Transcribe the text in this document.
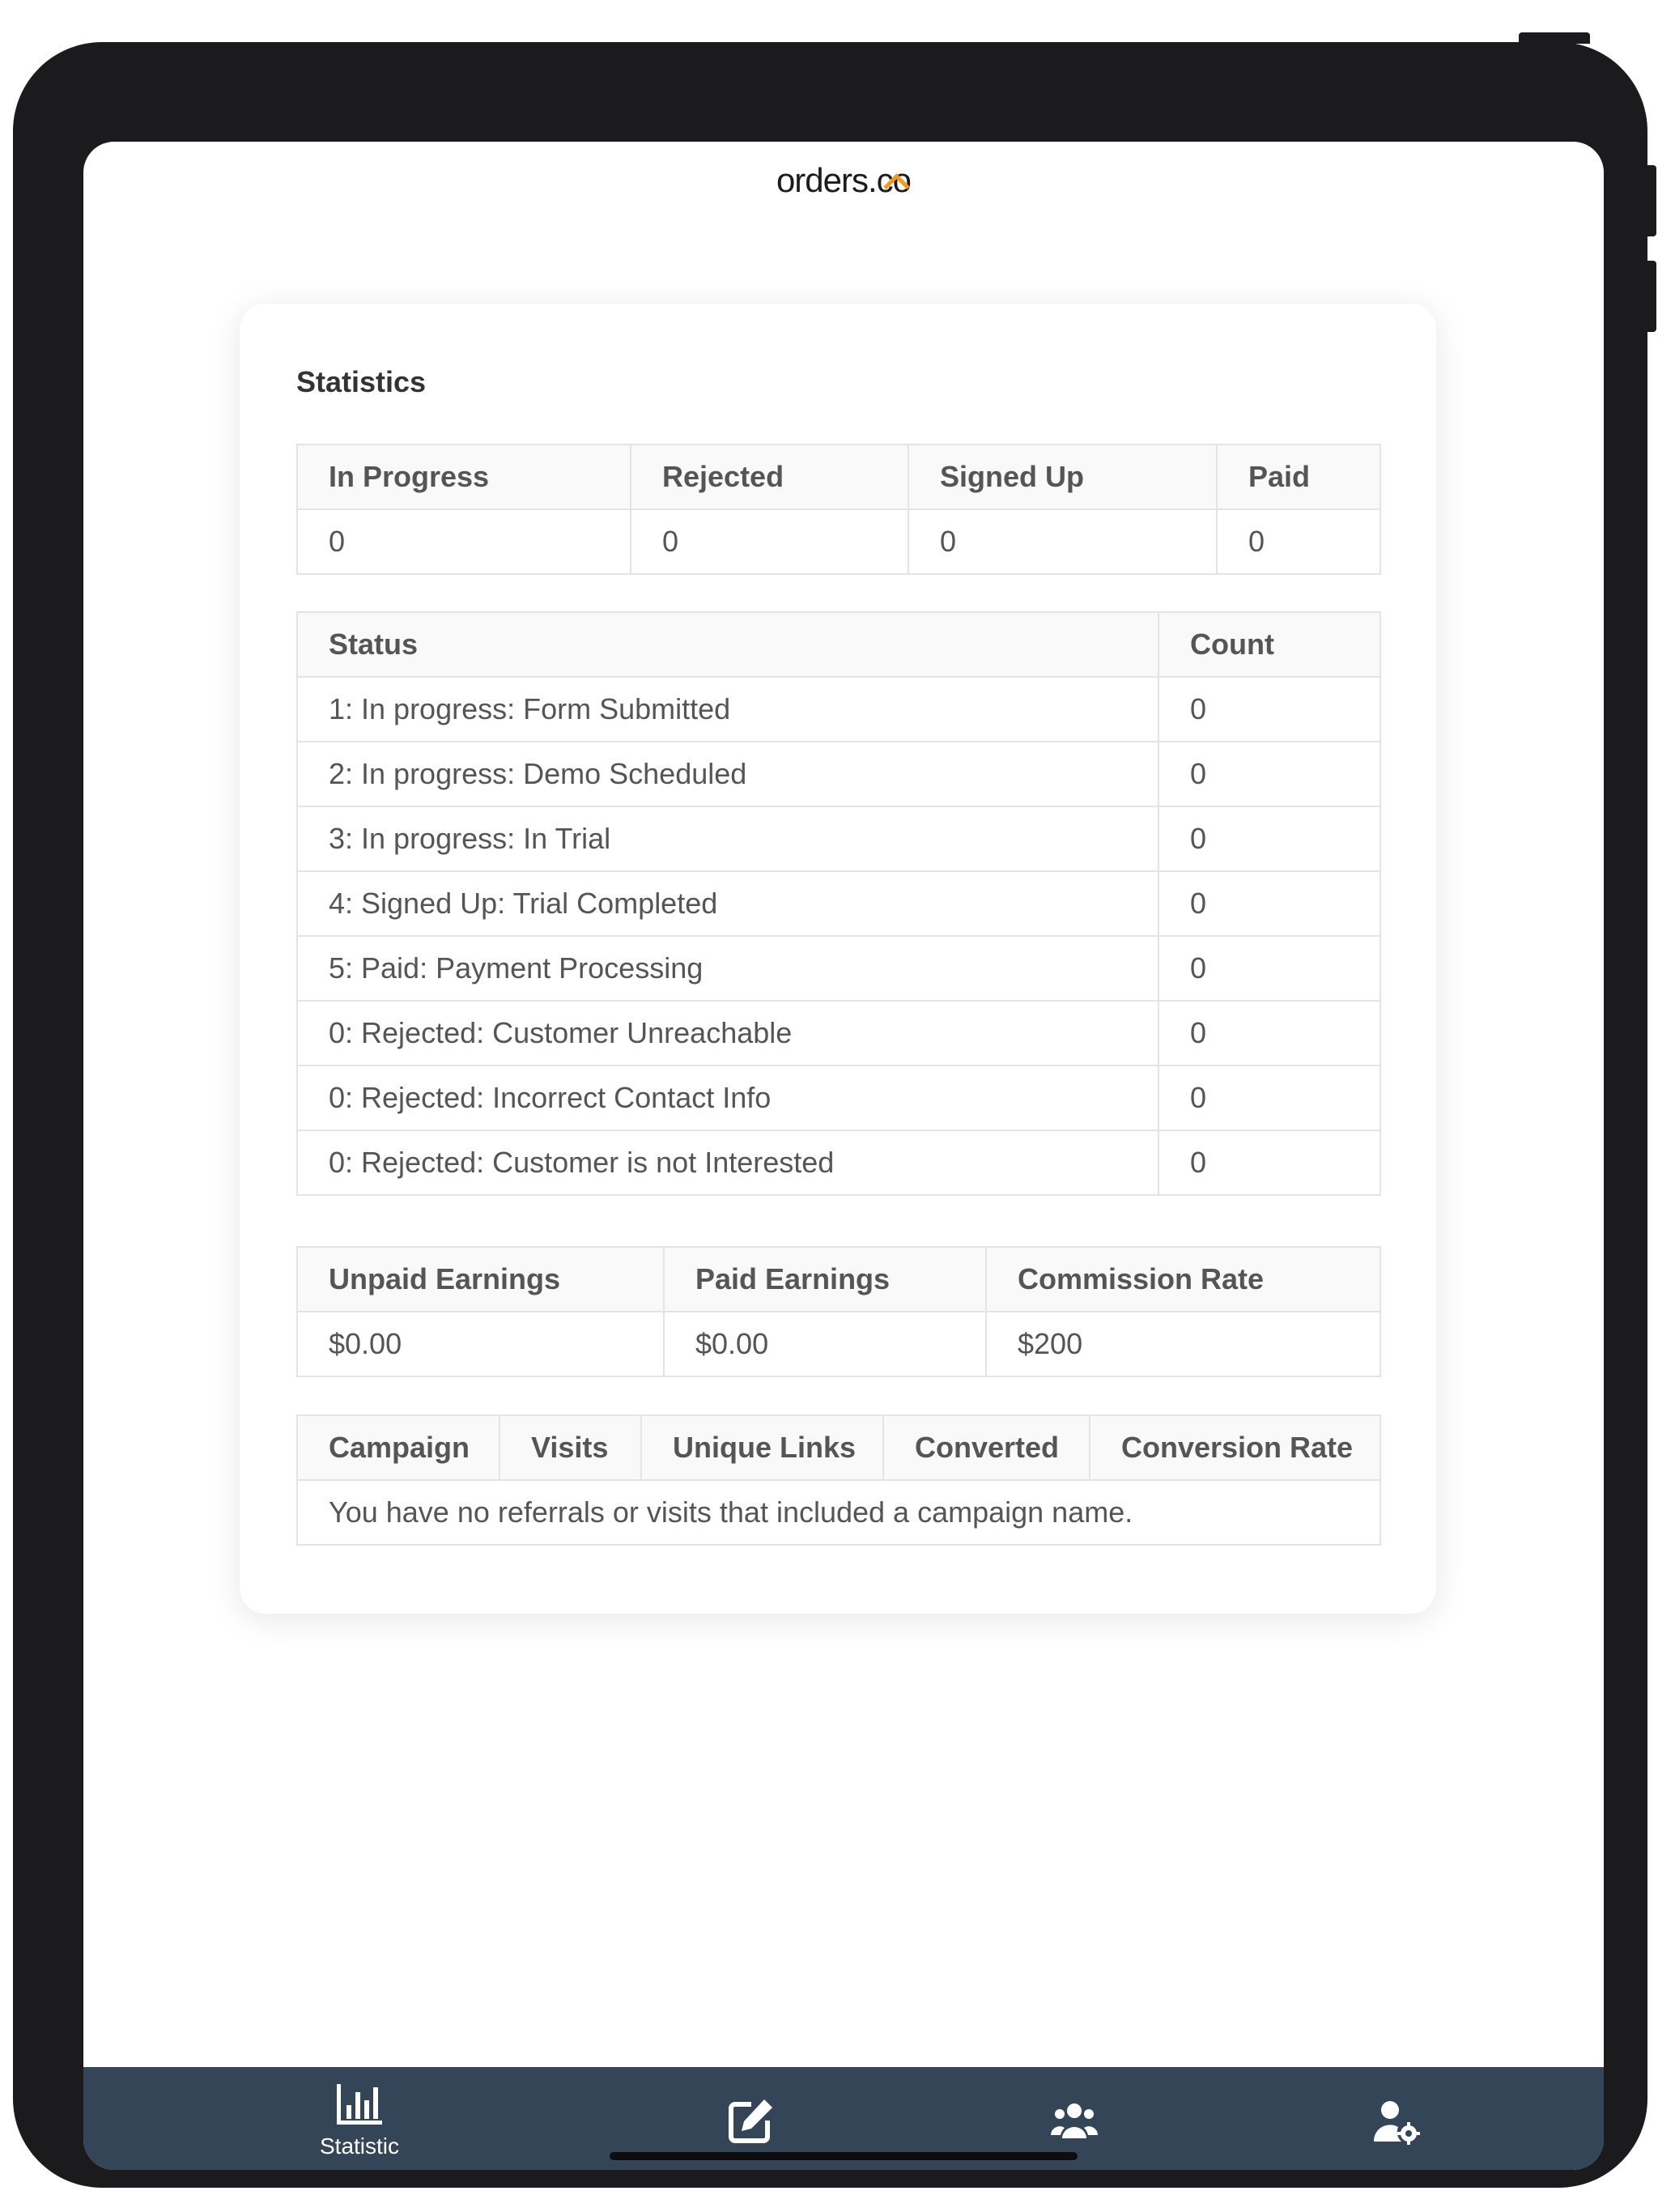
orders.co
Statistics
In Progress	Rejected	Signed Up	Paid
0	0	0	0
Status	Count
1: In progress: Form Submitted	0
2: In progress: Demo Scheduled	0
3: In progress: In Trial	0
4: Signed Up: Trial Completed	0
5: Paid: Payment Processing	0
0: Rejected: Customer Unreachable	0
0: Rejected: Incorrect Contact Info	0
0: Rejected: Customer is not Interested	0
Unpaid Earnings	Paid Earnings	Commission Rate
$0.00	$0.00	$200
Campaign	Visits	Unique Links	Converted	Conversion Rate
You have no referrals or visits that included a campaign name.
Statistic
